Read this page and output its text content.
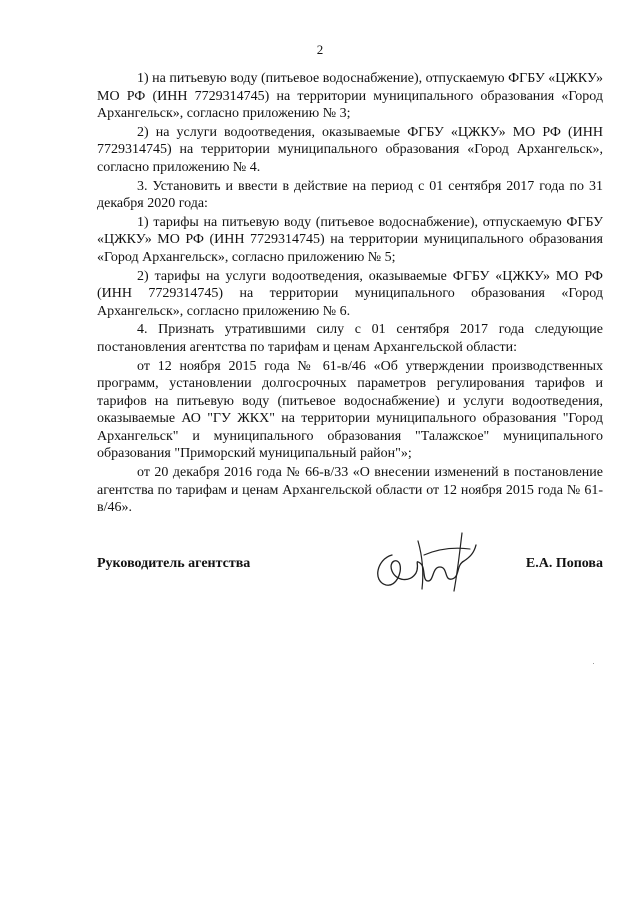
2

1) на питьевую воду (питьевое водоснабжение), отпускаемую ФГБУ «ЦЖКУ» МО РФ (ИНН 7729314745) на территории муниципального образования «Город Архангельск», согласно приложению № 3;

2) на услуги водоотведения, оказываемые ФГБУ «ЦЖКУ» МО РФ (ИНН 7729314745) на территории муниципального образования «Город Архангельск», согласно приложению № 4.

3. Установить и ввести в действие на период с 01 сентября 2017 года по 31 декабря 2020 года:

1) тарифы на питьевую воду (питьевое водоснабжение), отпускаемую ФГБУ «ЦЖКУ» МО РФ (ИНН 7729314745) на территории муниципального образования «Город Архангельск», согласно приложению № 5;

2) тарифы на услуги водоотведения, оказываемые ФГБУ «ЦЖКУ» МО РФ (ИНН 7729314745) на территории муниципального образования «Город Архангельск», согласно приложению № 6.

4. Признать утратившими силу с 01 сентября 2017 года следующие постановления агентства по тарифам и ценам Архангельской области:

от 12 ноября 2015 года № 61-в/46 «Об утверждении производственных программ, установлении долгосрочных параметров регулирования тарифов и тарифов на питьевую воду (питьевое водоснабжение) и услуги водоотведения, оказываемые АО "ГУ ЖКХ" на территории муниципального образования "Город Архангельск" и муниципального образования "Талажское" муниципального образования "Приморский муниципальный район"»;

от 20 декабря 2016 года № 66-в/33 «О внесении изменений в постановление агентства по тарифам и ценам Архангельской области от 12 ноября 2015 года № 61-в/46».

Руководитель агентства	Е.А. Попова
